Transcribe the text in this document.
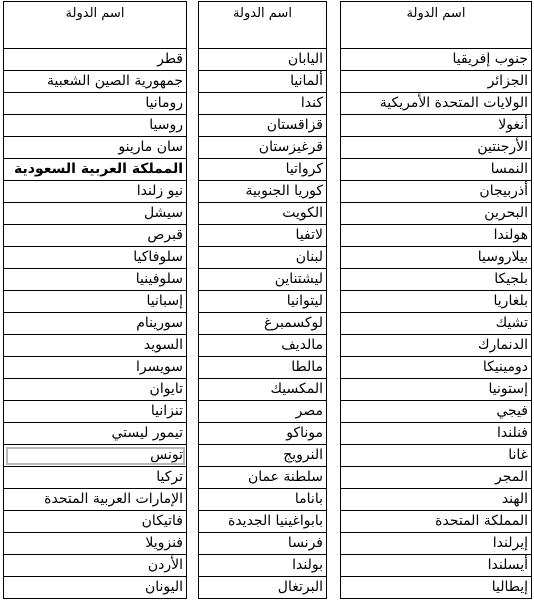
اسم الدولة
قطر
جمهورية الصين الشعبية
رومانيا
روسيا
سان مارينو
المملكة العربية السعودية
نيو زلندا
سيشل
قبرص
سلوفاكيا
سلوفينيا
إسبانيا
سورينام
السويد
سويسرا
تايوان
تنزانيا
تيمور ليستي
تونس
تركيا
الإمارات العربية المتحدة
فاتيكان
فنزويلا
الأردن
اليونان
اسم الدولة
اليابان
ألمانيا
كندا
قزاقستان
قرغيزستان
كرواتيا
كوريا الجنوبية
الكويت
لاتفيا
لبنان
ليشتناين
ليتوانيا
لوكسمبرغ
مالديف
مالطا
المكسيك
مصر
موناكو
النرويج
سلطنة عمان
باناما
بابواغينيا الجديدة
فرنسا
بولندا
البرتغال
اسم الدولة
جنوب إفريقيا
الجزائر
الولايات المتحدة الأمريكية
أنغولا
الأرجنتين
النمسا
أذربيجان
البحرين
هولندا
بيلاروسيا
بلجيكا
بلغاريا
تشيك
الدنمارك
دومينيكا
إستونيا
فيجي
فنلندا
غانا
المجر
الهند
المملكة المتحدة
إيرلندا
أيسلندا
إيطاليا
